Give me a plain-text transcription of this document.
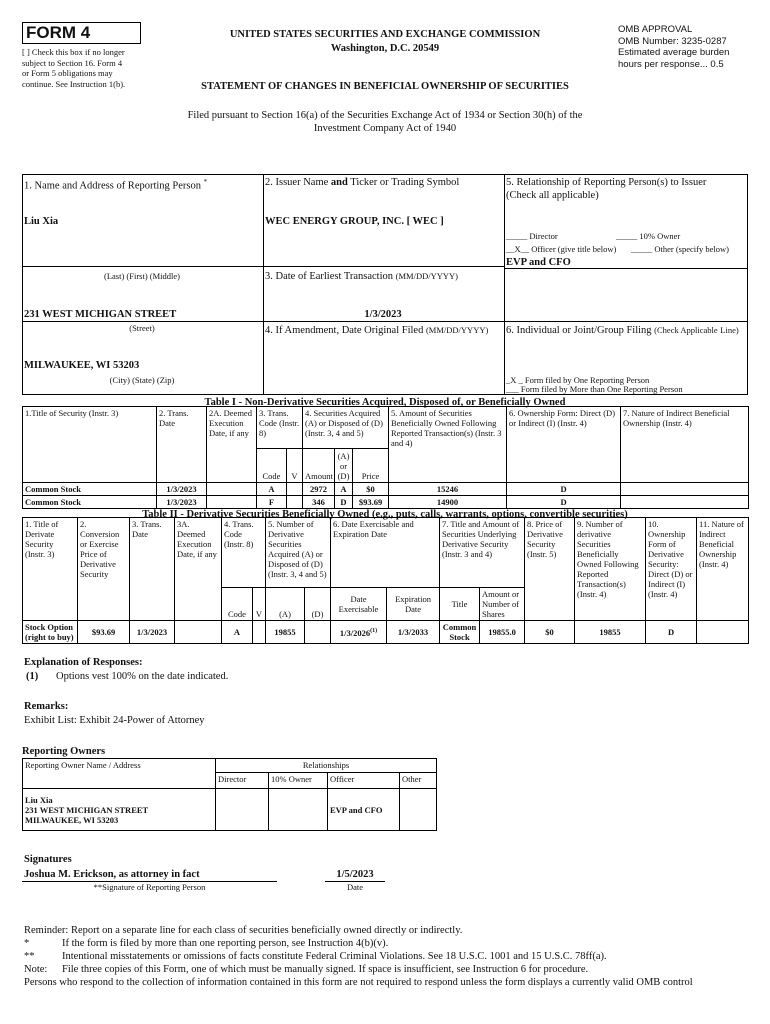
FORM 4
[ ] Check this box if no longer
subject to Section 16. Form 4
or Form 5 obligations may
continue. See Instruction 1(b).
UNITED STATES SECURITIES AND EXCHANGE COMMISSION
Washington, D.C. 20549
STATEMENT OF CHANGES IN BENEFICIAL OWNERSHIP OF SECURITIES
OMB APPROVAL
OMB Number: 3235-0287
Estimated average burden
hours per response... 0.5
Filed pursuant to Section 16(a) of the Securities Exchange Act of 1934 or Section 30(h) of the
Investment Company Act of 1940
1. Name and Address of Reporting Person *
Liu Xia
(Last) (First) (Middle)
231 WEST MICHIGAN STREET
(Street)
MILWAUKEE, WI 53203
(City) (State) (Zip)
2. Issuer Name and Ticker or Trading Symbol
WEC ENERGY GROUP, INC. [ WEC ]
3. Date of Earliest Transaction (MM/DD/YYYY)
1/3/2023
4. If Amendment, Date Original Filed (MM/DD/YYYY)
5. Relationship of Reporting Person(s) to Issuer
(Check all applicable)
_____ Director	_____ 10% Owner
__X__ Officer (give title below) _____ Other (specify below)
EVP and CFO
6. Individual or Joint/Group Filing (Check Applicable Line)
_X _ Form filed by One Reporting Person
___ Form filed by More than One Reporting Person
Table I - Non-Derivative Securities Acquired, Disposed of, or Beneficially Owned
1.Title of Security (Instr. 3)	2. Trans. Date	2A. Deemed Execution Date, if any	3. Trans. Code (Instr. 8)		4. Securities Acquired (A) or Disposed of (D) (Instr. 3, 4 and 5)			5. Amount of Securities Beneficially Owned Following Reported Transaction(s) (Instr. 3 and 4)	6. Ownership Form: Direct (D) or Indirect (I) (Instr. 4)	7. Nature of Indirect Beneficial Ownership (Instr. 4)
			Code	V	Amount	(A) or (D)	Price			
Common Stock	1/3/2023		A		2972	A	$0	15246	D	
Common Stock	1/3/2023		F		346	D	$93.69	14900	D	
Table II - Derivative Securities Beneficially Owned (e.g., puts, calls, warrants, options, convertible securities)
1. Title of Derivate Security (Instr. 3)	2. Conversion or Exercise Price of Derivative Security	3. Trans. Date	3A. Deemed Execution Date, if any	4. Trans. Code (Instr. 8)		5. Number of Derivative Securities Acquired (A) or Disposed of (D) (Instr. 3, 4 and 5)		6. Date Exercisable and Expiration Date		7. Title and Amount of Securities Underlying Derivative Security (Instr. 3 and 4)		8. Price of Derivative Security (Instr. 5)	9. Number of derivative Securities Beneficially Owned Following Reported Transaction(s) (Instr. 4)	10. Ownership Form of Derivative Security: Direct (D) or Indirect (I) (Instr. 4)	11. Nature of Indirect Beneficial Ownership (Instr. 4)
				Code	V	(A)	(D)	Date Exercisable	Expiration Date	Title	Amount or Number of Shares				
Stock Option (right to buy)	$93.69	1/3/2023		A		19855		1/3/2026$^{(1)}$	1/3/2033	Common Stock	19855.0	$0	19855	D	
Explanation of Responses:
(1) Options vest 100% on the date indicated.
Remarks:
Exhibit List: Exhibit 24-Power of Attorney
Reporting Owners
Reporting Owner Name / Address	Relationships			
	Director	10% Owner	Officer	Other

Liu Xia
231 WEST MICHIGAN STREET
MILWAUKEE, WI 53203			EVP and CFO	
Signatures
Joshua M. Erickson, as attorney in fact
**Signature of Reporting Person
1/5/2023
Date
Reminder: Report on a separate line for each class of securities beneficially owned directly or indirectly.
*	If the form is filed by more than one reporting person, see Instruction 4(b)(v).
**	Intentional misstatements or omissions of facts constitute Federal Criminal Violations. See 18 U.S.C. 1001 and 15 U.S.C. 78ff(a).
Note: File three copies of this Form, one of which must be manually signed. If space is insufficient, see Instruction 6 for procedure.
Persons who respond to the collection of information contained in this form are not required to respond unless the form displays a currently valid OMB control
